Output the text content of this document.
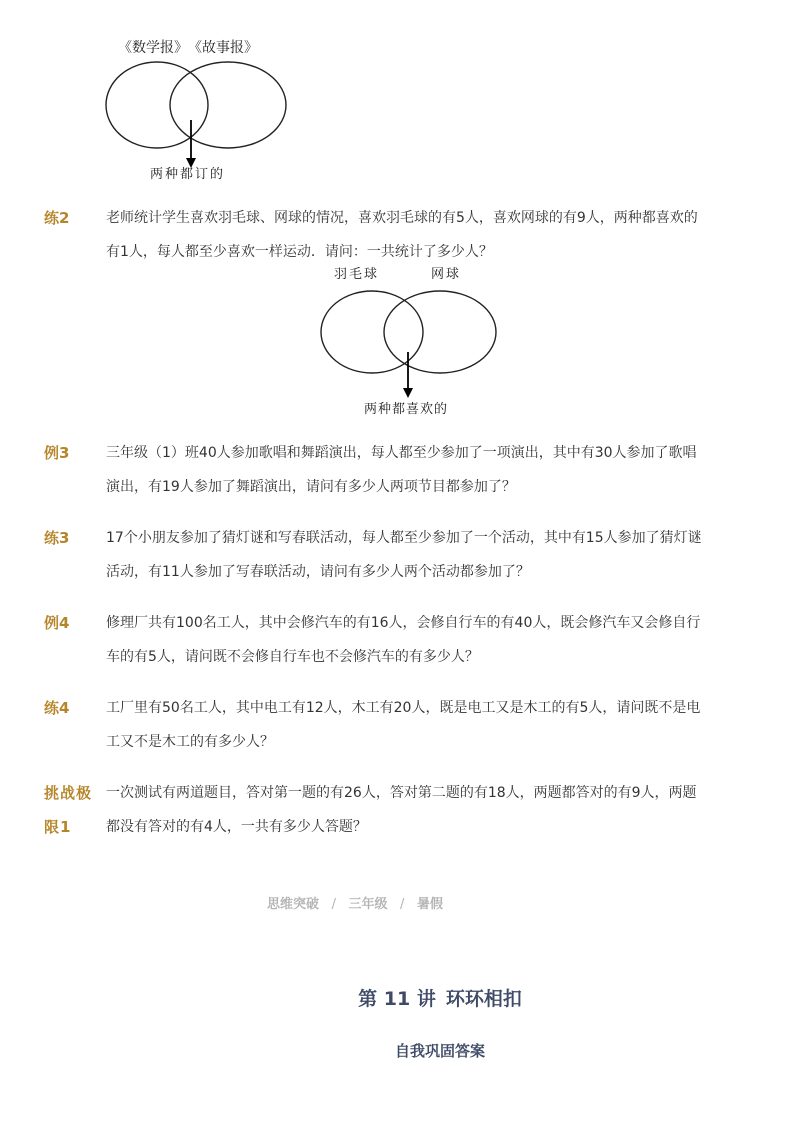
《数学报》 《故事报》
两种都订的
练2	老师统计学生喜欢羽毛球、网球的情况，喜欢羽毛球的有5人，喜欢网球的有9人，两种都喜欢的
有1人，每人都至少喜欢一样运动．请问：一共统计了多少人？
羽毛球	网球
两种都喜欢的
例3	三年级（1）班40人参加歌唱和舞蹈演出，每人都至少参加了一项演出，其中有30人参加了歌唱
演出，有19人参加了舞蹈演出，请问有多少人两项节目都参加了？
练3	17个小朋友参加了猜灯谜和写春联活动，每人都至少参加了一个活动，其中有15人参加了猜灯谜
活动，有11人参加了写春联活动，请问有多少人两个活动都参加了？
例4	修理厂共有100名工人，其中会修汽车的有16人，会修自行车的有40人，既会修汽车又会修自行
车的有5人，请问既不会修自行车也不会修汽车的有多少人？
练4	工厂里有50名工人，其中电工有12人，木工有20人，既是电工又是木工的有5人，请问既不是电
工又不是木工的有多少人？
挑战极
限1
一次测试有两道题目，答对第一题的有26人，答对第二题的有18人，两题都答对的有9人，两题
都没有答对的有4人，一共有多少人答题？
思维突破 / 三年级 / 暑假
第 11 讲 环环相扣
自我巩固答案
